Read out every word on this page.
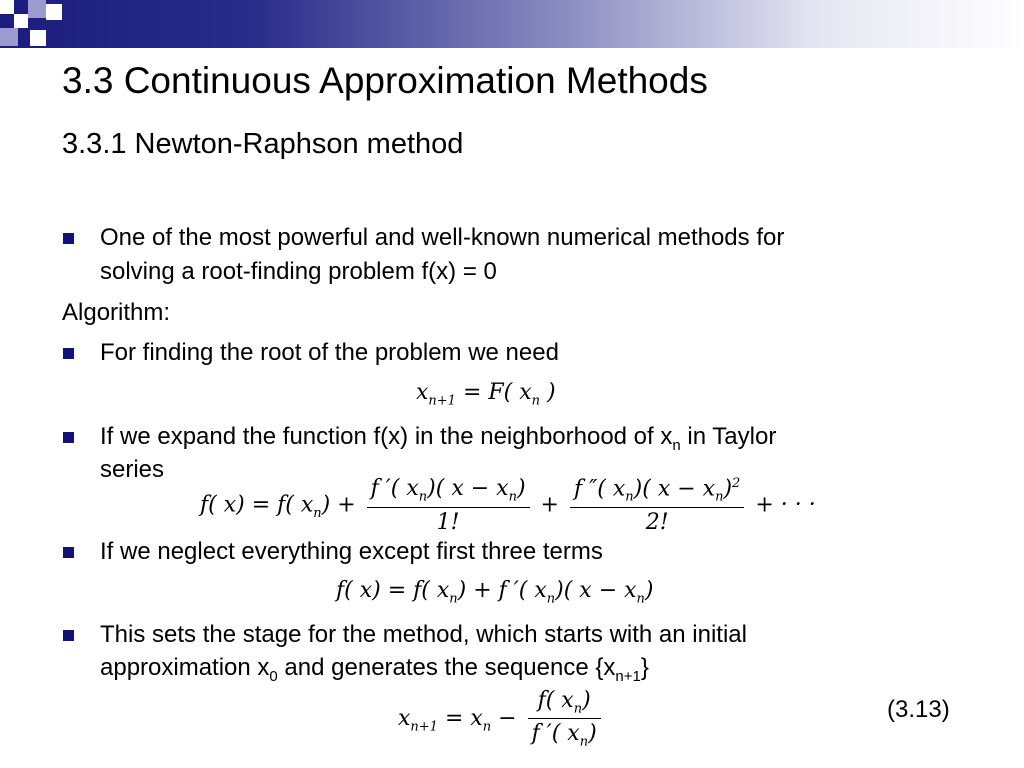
3.3 Continuous Approximation Methods
3.3.1 Newton-Raphson method
One of the most powerful and well-known numerical methods for
solving a root-finding problem f(x) = 0
Algorithm:
For finding the root of the problem we need
$x_{n+1} = F$( $x_n$ )
If we expand the function f(x) in the neighborhood of $x_n$ in Taylor
series
f( x) = f( $x_n) + \frac{f '( x_n)( x - x_n)}{1!} + \frac{f ''( x_n)( x - x_n)^2}{2!}$ + · · ·
If we neglect everything except first three terms
f( x) = f( $x_n) + f$ ′( $x_n$)( $x - x_n$)
This sets the stage for the method, which starts with an initial
approximation $x_0$ and generates the sequence $\{x_{n+1}\}$
$x_{n+1} = x_n - \frac{f( x_n)}{f '( x_n)}$	(3.13)
